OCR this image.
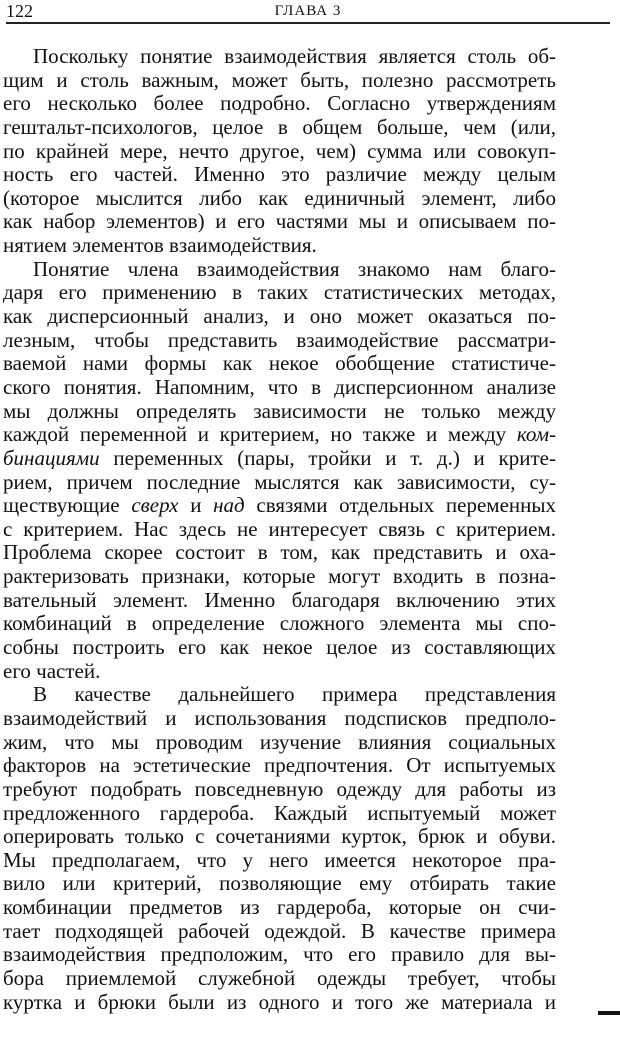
122	ГЛАВА 3
Поскольку понятие взаимодействия является столь об-
щим и столь важным, может быть, полезно рассмотреть
его несколько более подробно. Согласно утверждениям
гештальт-психологов, целое в общем больше, чем (или,
по крайней мере, нечто другое, чем) сумма или совокуп-
ность его частей. Именно это различие между целым
(которое мыслится либо как единичный элемент, либо
как набор элементов) и его частями мы и описываем по-
нятием элементов взаимодействия.
Понятие члена взаимодействия знакомо нам благо-
даря его применению в таких статистических методах,
как дисперсионный анализ, и оно может оказаться по-
лезным, чтобы представить взаимодействие рассматри-
ваемой нами формы как некое обобщение статистиче-
ского понятия. Напомним, что в дисперсионном анализе
мы должны определять зависимости не только между
каждой переменной и критерием, но также и между ком-
бинациями переменных (пары, тройки и т. д.) и крите-
рием, причем последние мыслятся как зависимости, су-
ществующие сверх и над связями отдельных переменных
с критерием. Нас здесь не интересует связь с критерием.
Проблема скорее состоит в том, как представить и оха-
рактеризовать признаки, которые могут входить в позна-
вательный элемент. Именно благодаря включению этих
комбинаций в определение сложного элемента мы спо-
собны построить его как некое целое из составляющих
его частей.
В качестве дальнейшего примера представления
взаимодействий и использования подсписков предполо-
жим, что мы проводим изучение влияния социальных
факторов на эстетические предпочтения. От испытуемых
требуют подобрать повседневную одежду для работы из
предложенного гардероба. Каждый испытуемый может
оперировать только с сочетаниями курток, брюк и обуви.
Мы предполагаем, что у него имеется некоторое пра-
вило или критерий, позволяющие ему отбирать такие
комбинации предметов из гардероба, которые он счи-
тает подходящей рабочей одеждой. В качестве примера
взаимодействия предположим, что его правило для вы-
бора приемлемой служебной одежды требует, чтобы
куртка и брюки были из одного и того же материала и
